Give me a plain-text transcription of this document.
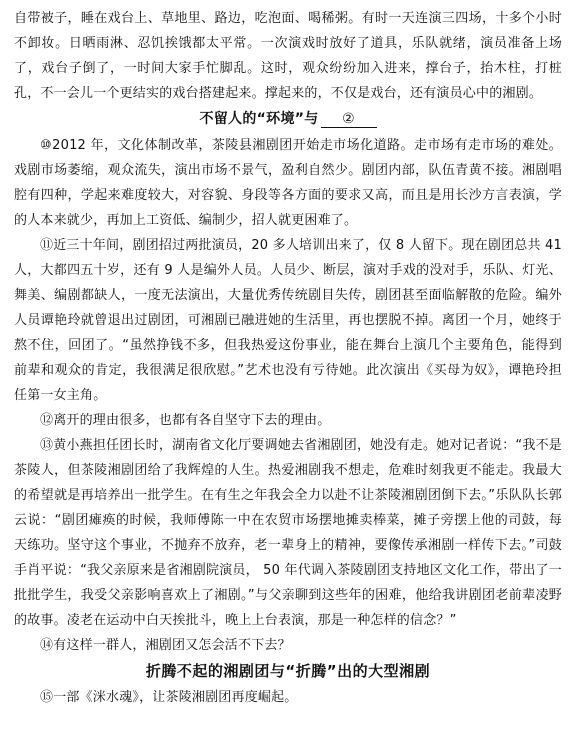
自带被子，睡在戏台上、草地里、路边，吃泡面、喝稀粥。有时一天连演三四场，十多个小时不卸妆。日晒雨淋、忍饥挨饿都太平常。一次演戏时放好了道具，乐队就绪，演员准备上场了，戏台子倒了，一时间大家手忙脚乱。这时，观众纷纷加入进来，撑台子，抬木柱，打桩孔，不一会儿一个更结实的戏台搭建起来。撑起来的，不仅是戏台，还有演员心中的湘剧。

不留人的“环境”与 ②

⑩2012 年，文化体制改革，茶陵县湘剧团开始走市场化道路。走市场有走市场的难处。戏剧市场萎缩，观众流失，演出市场不景气，盈利自然少。剧团内部，队伍青黄不接。湘剧唱腔有四种，学起来难度较大，对容貌、身段等各方面的要求又高，而且是用长沙方言表演，学的人本来就少，再加上工资低、编制少，招人就更困难了。

⑪近三十年间，剧团招过两批演员，20 多人培训出来了，仅 8 人留下。现在剧团总共 41 人，大都四五十岁，还有 9 人是编外人员。人员少、断层，演对手戏的没对手，乐队、灯光、舞美、编剧都缺人，一度无法演出，大量优秀传统剧目失传，剧团甚至面临解散的危险。编外人员谭艳玲就曾退出过剧团，可湘剧已融进她的生活里，再也摆脱不掉。离团一个月，她终于熬不住，回团了。“虽然挣钱不多，但我热爱这份事业，能在舞台上演几个主要角色，能得到前辈和观众的肯定，我很满足很欣慰。”艺术也没有亏待她。此次演出《买母为奴》，谭艳玲担任第一女主角。

⑫离开的理由很多，也都有各自坚守下去的理由。

⑬黄小燕担任团长时，湖南省文化厅要调她去省湘剧团，她没有走。她对记者说：“我不是茶陵人，但茶陵湘剧团给了我辉煌的人生。热爱湘剧我不想走，危难时刻我更不能走。我最大的希望就是再培养出一批学生。在有生之年我会全力以赴不让茶陵湘剧团倒下去。”乐队队长郭云说：“剧团瘫痪的时候，我师傅陈一中在农贸市场摆地摊卖棒菜，摊子旁摆上他的司鼓，每天练功。坚守这个事业，不抛弃不放弃，老一辈身上的精神，要像传承湘剧一样传下去。”司鼓手肖平说：“我父亲原来是省湘剧院演员， 50 年代调入茶陵剧团支持地区文化工作，带出了一批批学生，我受父亲影响喜欢上了湘剧。”与父亲聊到这些年的困难，他给我讲剧团老前辈凌野的故事。凌老在运动中白天挨批斗，晚上上台表演，那是一种怎样的信念？”

⑭有这样一群人，湘剧团又怎会活不下去？

折腾不起的湘剧团与“折腾”出的大型湘剧

⑮一部《洣水魂》，让茶陵湘剧团再度崛起。
